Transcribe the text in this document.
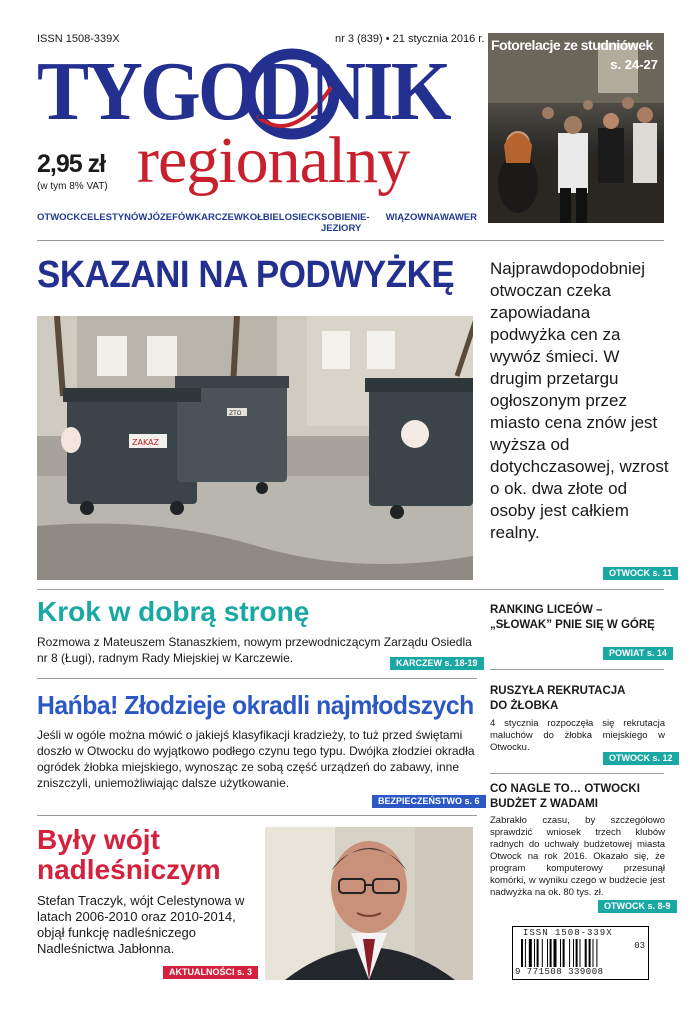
ISSN 1508-339X	nr 3 (839) • 21 stycznia 2016 r.
TYGODNIK
regionalny
2,95 zł
(w tym 8% VAT)
OTWOCK CELESTYNÓW JÓZEFÓW KARCZEW KOŁBIEL OSIECK SOBIENIE-JEZIORY
WIĄZOWNA WAWER
Fotorelacje ze studniówek
s. 24-27
SKAZANI NA PODWYŻKĘ Najprawdopodobniej otwoczan czeka zapowiadana podwyżka cen za wywóz śmieci. W drugim przetargu ogłoszonym przez miasto cena znów jest wyższa od dotychczasowej, wzrost o ok. dwa złote od osoby jest całkiem realny.
ZAKAZ
ZTO
OTWOCK s. 11
Krok w dobrą stronę
Rozmowa z Mateuszem Stanaszkiem, nowym przewodniczącym Zarządu Osiedla nr 8 (Ługi), radnym Rady Miejskiej w Karczewie.	KARCZEW s. 18-19
Hańba! Złodzieje okradli najmłodszych
Jeśli w ogóle można mówić o jakiejś klasyfikacji kradzieży, to tuż przed świętami doszło w Otwocku do wyjątkowo podłego czynu tego typu. Dwójka złodziei okradła ogródek żłobka miejskiego, wynosząc ze sobą część urządzeń do zabawy, inne zniszczyli, uniemożliwiając dalsze użytkowanie.
BEZPIECZEŃSTWO s. 6
Były wójt nadleśniczym
Stefan Traczyk, wójt Celestynowa w latach 2006-2010 oraz 2010-2014, objął funkcję nadleśniczego Nadleśnictwa Jabłonna.
AKTUALNOŚCI s. 3
RANKING LICEÓW – „SŁOWAK” PNIE SIĘ W GÓRĘ
POWIAT s. 14
RUSZYŁA REKRUTACJA DO ŻŁOBKA
4 stycznia rozpoczęła się rekrutacja maluchów do żłobka miejskiego w Otwocku.
OTWOCK s. 12
CO NAGLE TO… OTWOCKI BUDŻET Z WADAMI
Zabrakło czasu, by szczegółowo sprawdzić wniosek trzech klubów radnych do uchwały budżetowej miasta Otwock na rok 2016. Okazało się, że program komputerowy przesunął komórki, w wyniku czego w budżecie jest nadwyżka na ok. 80 tys. zł.
OTWOCK s. 8-9
ISSN 1508-339X
03
9 771508 339008
